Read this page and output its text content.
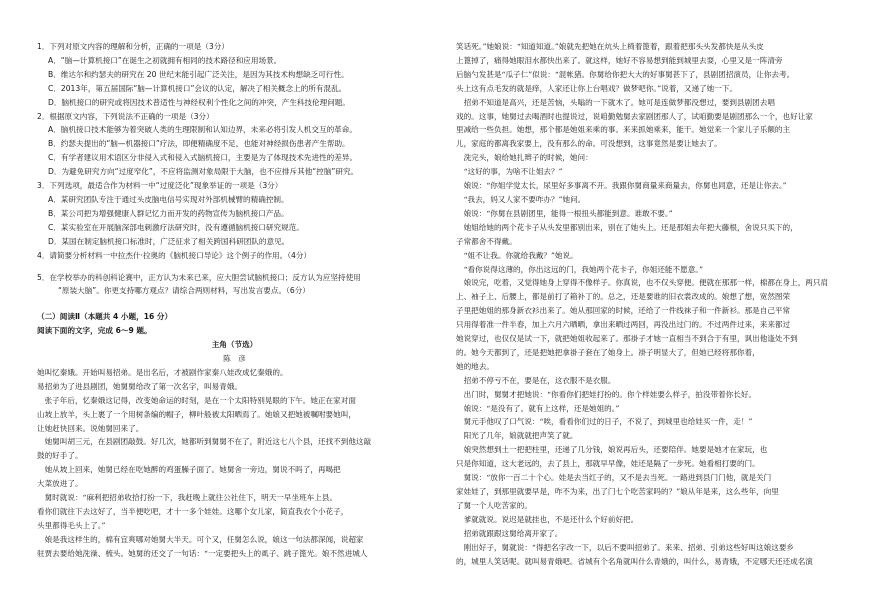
1．下列对原文内容的理解和分析，正确的一项是（3分）
A．“脑—计算机接口”在诞生之初就拥有相同的技术路径和应用场景。
B．维达尔和约瑟夫的研究在 20 世纪末能引起广泛关注，是因为其技术构想缺乏可行性。
C．2013年，第五届国际“脑—计算机接口”会议的认定，解决了相关概念上的所有混乱。
D．脑机接口的研究或将因技术普适性与神经权利个性化之间的冲突，产生科技伦理问题。
2．根据原文内容，下列说法不正确的一项是（3分）
A．脑机接口技术能够为着突破人类的生理限制和认知边界，未来必将引发人机交互的革命。
B．约瑟夫提出的“脑—机器接口”疗法，即便精确度不足，也能对神经损伤患者产生帮助。
C．有学者建议用术语区分非侵入式和侵入式脑机接口，主要是为了体现技术先进性的差异。
D．为避免研究方向“过度窄化”，不应将监测对象局限于大脑，也不应排斥其他“控脑”研究。
3．下列选项，最适合作为材料一中“过度泛化”现象举证的一项是（3分）
A．某研究团队专注于通过头皮脑电信号实现对外部机械臂的精确控制。
B．某公司把为增强健康人群记忆力而开发的药物宣传为脑机接口产品。
C．某实验室在开展脑深部电刺激疗法研究时，没有遵循脑机接口研究规范。
D．某国在制定脑机接口标准时，广泛征求了相关跨国科研团队的意见。
4．请简要分析材料一中拉杰什·拉奥的《脑机接口导论》这个例子的作用。（4分）
5．在学校举办的科创科论赛中，正方认为未来已来，应大胆尝试脑机接口；反方认为应坚持使用
“原装大脑”。你更支持哪方观点？请综合两则材料，写出发言要点。（6分）
（二）阅读Ⅱ（本题共 4 小题，16 分）
阅读下面的文字，完成 6～9 题。
主角（节选）
陈　彦
她叫忆秦娥。开始叫易招弟。是出名后，才被剧作家秦八娃改成忆秦娥的。
易招弟为了进县剧团，她舅舅给改了第一次名字，叫易青娥。
　张子年后，忆秦娥这记得，改变她命运的时刻，是在一个太阳特别晃眼的下午。她正在家对面
山坡上放羊，头上裹了一个用树条编的帽子，柳叶般被太阳晒焉了。她娘又把她被嘱咐要她叫，
让她赶快回来。说她舅回来了。
　她舅叫胡三元，在县剧团敲鼓。好几次，她都听到舅舅不在了，附近这七八个县，还找不到他这敲
鼓的好手了。
　她从坡上回来，她舅已经在吃她醉的鸡蛋臊子面了。她舅舍一旁边，舅说不吗了，再喝把
大菜放进了。
　舅时就说：“麻利把招弟收拾打扮一下，我赶晚上就往公社住下，明天一早坐班车上县。
看你们就往下去这好了，当半便吃吧，才十一多个娃娃。这哪个女儿家，简直我衣个小花子，
头里都得毛头上了。”
　娘是我这样生的，棉有宜爽哪对她舅大半天。可个又，任舅怎么说，娘这一句法都深闻，说超家
驻贾去要给她洗澡、梳头。她舅的还交了一句话：“一定要把头上的虱子、跳子篦光。娘不然进城人
笑话死。”她娘说：“知道知道。”娘就先把她在炕头上椅着篦着，跟着把那头头发都快是从头皮
上篦掉了，痛得她眼泪水都快出来了。就这样，她好不容易想到能到城里去耍，心里又是一阵清旁
后脑勺发甚是“瓜子仁”似说：“混帐猪。你舅给你把大大的好事舅甚下了，县剧团招演员，让你去考。
头上这有点毛发的就是痒，人家还让你上台唱戏？做梦吧你。”说着，又递了她一下。
　招弟不知道是高兴，还是苦恼，头嗡的一下就木了。她可是连做梦都没想过，要到县剧团去唱
戏的。这事，她舅过去喝酒时也提说过，说咱勤勉舅去家剧团那人了，试咱勤要是剧团那么一个，也好让家
里减给一些负担。她想，那个都是她姐来乘的事。来来抓她乘来，能干。她觉来一个家儿子乐额的主
儿，家庭的都离我家要上，没有那么的命。可没想到，这事竟然是要让她去了。
　洗完头，娘给她扎辫子的时候，她问：
　“这好的事，为啥不让姐去？”
　娘说：“你姐学觉太长，尿里好多事离不开。我跟你舅商量来商量去，你舅也同意，还是让你去。”
　“我去，妈又人家不要咋办？”她问。
　娘说：“你舅在县剧团里，能得一根扭头都能到意。谁敢不要。”
　她姐给她的两个花卡子从头发里都别出来，别在了她头上。还是那姐去年把大藤根，舍说只买下的，
子常都舍不得戴。
　“姐不让我。你就给我戴？”她说。
　“看你说得这薄的，你出这远的门，我她两个花卡子，你姐还能不愿意。”
　娘说完，吃着，又觉得她身上穿得不像样子。你真说，也不仅头穿便。便就在那那一样，棉都在身上，两只肩
上、袖子上、后腰上，都是前打了箱补丁的。总之，还是要谁的旧衣裳改成的。娘想了想，宽然图荣
子里把她姐的那身新衣衫出来了。她从那回家的时候，还给了一件线袜子和一件新衫。那是自己平常
只用得着准一件半春，加上六月六晒晒，拿出来晒过两回，再没出过门的。不过两件过来，来来都过
她说穿过，也仅仅是试一下，就把她姐收起来了。那褂子才她一直相当不到合于有里，讽出他逢处不到
的。她今天都到了，还是把她把拿褂子套在了她身上。褂子明显大了，但她已经将那你着，
她的地去。
　招弟不停亏不在，要是在，这衣服不是衣服。
　出门时，舅舅才把她说：“你看你们把娃打扮的。你个样娃要么样子，拍没带着你长好。
　娘说：“是没有了。就有上这样，还是她姐的。”
　舅元手他叹了口气说：“唉，看看你们过的日子，不说了，到城里也给娃买一件，走！”
　阳光了几年，娘就就把声笑了就。
　娘突然想到土一把把柱里，还递了几分钱，娘说再后头，还要陪伴。她要是她才在家玩，也
只是你知道，这大老远的，去了县上，那就早早像，娃还是隔了一步死。她看相打要的门。
　舅说：“放你一百二十个心。娃是去当红子的，又不是去当死。一路进到县门门他，就是关门
家娃娃了，到那里就要早是，咋不为来，出了门七个吃苦家吗的？”娘从年是来，这么些年，向里
了舅一个人吃苦家的。
　爹就就说。说迟是就挂也，不是还什么个好前好把。
　招弟就跟跟这舅给离开家了。
　刚出好子，舅就说：“得把名字改一下，以后不要叫招弟了。来来、招弟、引弟这些好叫这娘这要乡
的，城里人笑话呢。就叫易青娥吧。省城有个名角就叫什么青娥的，叫什么，易青娥，不定哪天还还成名演
